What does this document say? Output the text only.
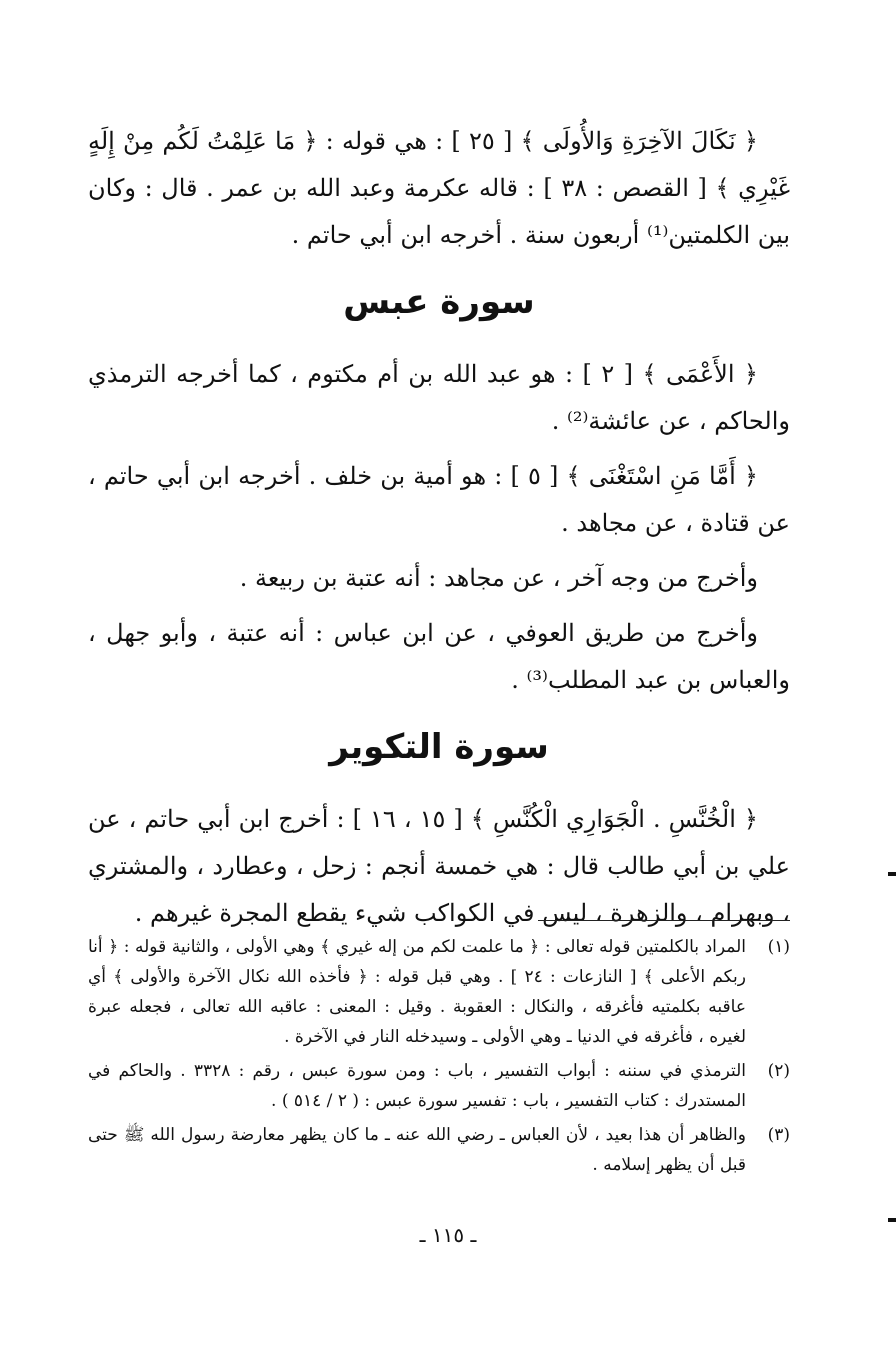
﴿ نَكَالَ الآخِرَةِ وَالأُولَى ﴾ [ ٢٥ ] : هي قوله : ﴿ مَا عَلِمْتُ لَكُم مِنْ إِلَهٍ غَيْرِي ﴾ [ القصص : ٣٨ ] : قاله عكرمة وعبد الله بن عمر . قال : وكان بين الكلمتين⁽¹⁾ أربعون سنة . أخرجه ابن أبي حاتم .

سورة عبس

﴿ الأَعْمَى ﴾ [ ٢ ] : هو عبد الله بن أم مكتوم ، كما أخرجه الترمذي والحاكم ، عن عائشة⁽²⁾ .

﴿ أَمَّا مَنِ اسْتَغْنَى ﴾ [ ٥ ] : هو أمية بن خلف . أخرجه ابن أبي حاتم ، عن قتادة ، عن مجاهد .

وأخرج من وجه آخر ، عن مجاهد : أنه عتبة بن ربيعة .

وأخرج من طريق العوفي ، عن ابن عباس : أنه عتبة ، وأبو جهل ، والعباس بن عبد المطلب⁽³⁾ .

سورة التكوير

﴿ الْخُنَّسِ . الْجَوَارِي الْكُنَّسِ ﴾ [ ١٥ ، ١٦ ] : أخرج ابن أبي حاتم ، عن علي بن أبي طالب قال : هي خمسة أنجم : زحل ، وعطارد ، والمشتري ، وبهرام ، والزهرة ، ليس في الكواكب شيء يقطع المجرة غيرهم .

(١)
المراد بالكلمتين قوله تعالى : ﴿ ما علمت لكم من إله غيري ﴾ وهي الأولى ، والثانية قوله : ﴿ أنا ربكم الأعلى ﴾ [ النازعات : ٢٤ ] . وهي قبل قوله : ﴿ فأخذه الله نكال الآخرة والأولى ﴾ أي عاقبه بكلمتيه فأغرقه ، والنكال : العقوبة . وقيل : المعنى : عاقبه الله تعالى ، فجعله عبرة لغيره ، فأغرقه في الدنيا ـ وهي الأولى ـ وسيدخله النار في الآخرة .
(٢)
الترمذي في سننه : أبواب التفسير ، باب : ومن سورة عبس ، رقم : ٣٣٢٨ . والحاكم في المستدرك : كتاب التفسير ، باب : تفسير سورة عبس : ( ٢ / ٥١٤ ) .
(٣)
والظاهر أن هذا بعيد ، لأن العباس ـ رضي الله عنه ـ ما كان يظهر معارضة رسول الله ﷺ حتى قبل أن يظهر إسلامه .
ـ ١١٥ ـ
